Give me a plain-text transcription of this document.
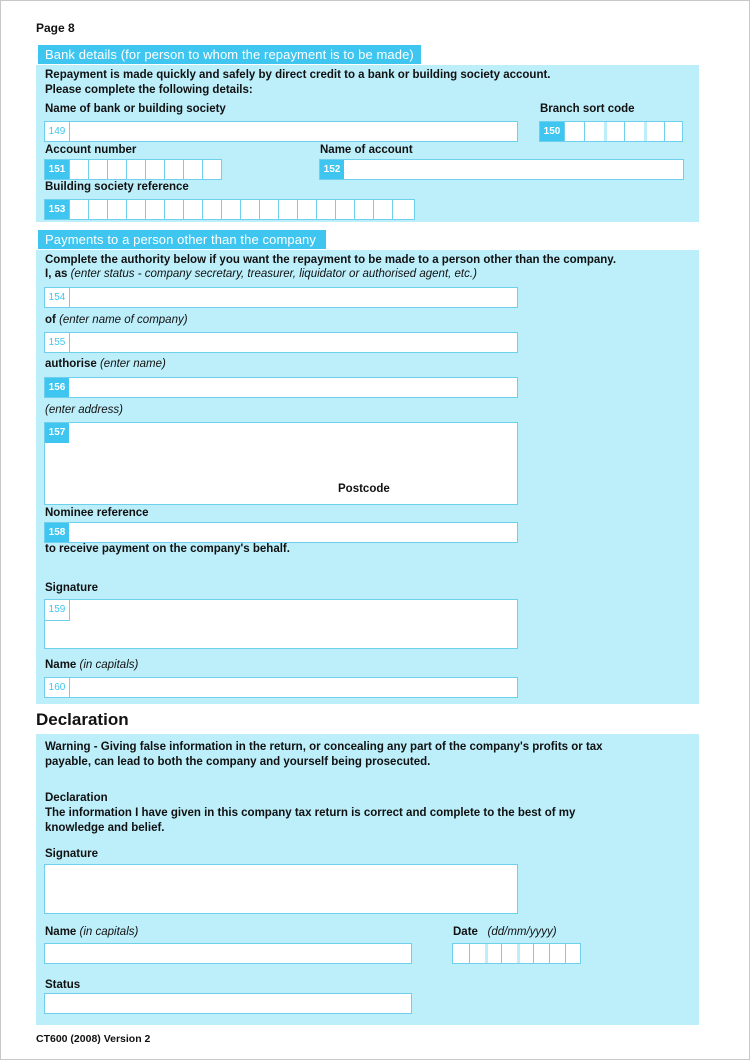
Page 8
Bank details (for person to whom the repayment is to be made)
Repayment is made quickly and safely by direct credit to a bank or building society account.
Please complete the following details:
Name of bank or building society
149
Branch sort code
150
Account number
151
Name of account
152
Building society reference
153
Payments to a person other than the company
Complete the authority below if you want the repayment to be made to a person other than the company.
I, as (enter status - company secretary, treasurer, liquidator or authorised agent, etc.)
154
of (enter name of company)
155
authorise (enter name)
156
(enter address)
157
Postcode
Nominee reference
158
to receive payment on the company's behalf.
Signature
159
Name (in capitals)
160
Declaration
Warning - Giving false information in the return, or concealing any part of the company's profits or tax
payable, can lead to both the company and yourself being prosecuted.
Declaration
The information I have given in this company tax return is correct and complete to the best of my
knowledge and belief.
Signature
Name (in capitals)	Date (dd/mm/yyyy)
Status
CT600 (2008) Version 2
